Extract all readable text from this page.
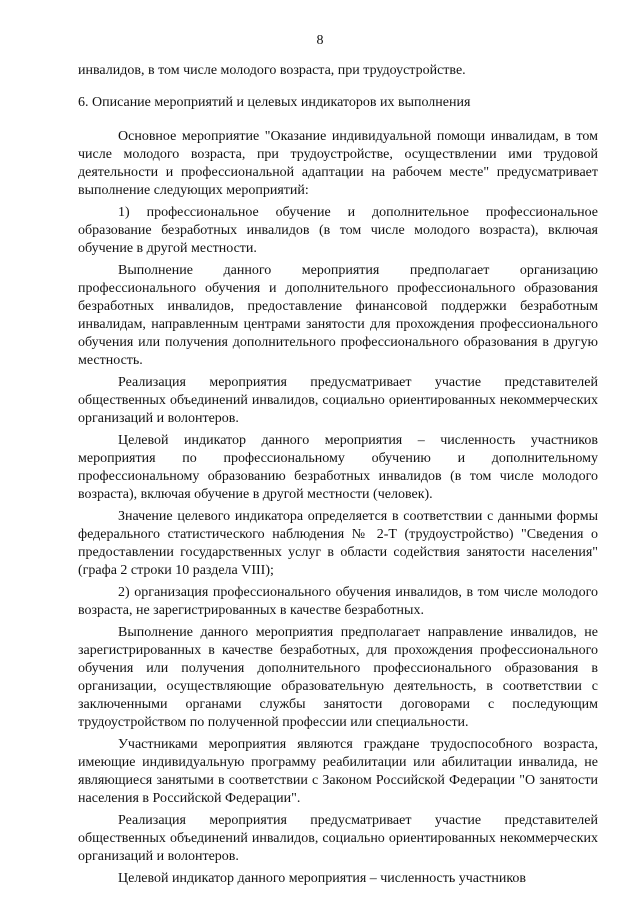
8

инвалидов, в том числе молодого возраста, при трудоустройстве.

6. Описание мероприятий и целевых индикаторов их выполнения

Основное мероприятие "Оказание индивидуальной помощи инвалидам, в том числе молодого возраста, при трудоустройстве, осуществлении ими трудовой деятельности и профессиональной адаптации на рабочем месте" предусматривает выполнение следующих мероприятий:

1) профессиональное обучение и дополнительное профессиональное образование безработных инвалидов (в том числе молодого возраста), включая обучение в другой местности.

Выполнение данного мероприятия предполагает организацию профессионального обучения и дополнительного профессионального образования безработных инвалидов, предоставление финансовой поддержки безработным инвалидам, направленным центрами занятости для прохождения профессионального обучения или получения дополнительного профессионального образования в другую местность.

Реализация мероприятия предусматривает участие представителей общественных объединений инвалидов, социально ориентированных некоммерческих организаций и волонтеров.

Целевой индикатор данного мероприятия – численность участников мероприятия по профессиональному обучению и дополнительному профессиональному образованию безработных инвалидов (в том числе молодого возраста), включая обучение в другой местности (человек).

Значение целевого индикатора определяется в соответствии с данными формы федерального статистического наблюдения № 2-Т (трудоустройство) "Сведения о предоставлении государственных услуг в области содействия занятости населения" (графа 2 строки 10 раздела VIII);

2) организация профессионального обучения инвалидов, в том числе молодого возраста, не зарегистрированных в качестве безработных.

Выполнение данного мероприятия предполагает направление инвалидов, не зарегистрированных в качестве безработных, для прохождения профессионального обучения или получения дополнительного профессионального образования в организации, осуществляющие образовательную деятельность, в соответствии с заключенными органами службы занятости договорами с последующим трудоустройством по полученной профессии или специальности.

Участниками мероприятия являются граждане трудоспособного возраста, имеющие индивидуальную программу реабилитации или абилитации инвалида, не являющиеся занятыми в соответствии с Законом Российской Федерации "О занятости населения в Российской Федерации".

Реализация мероприятия предусматривает участие представителей общественных объединений инвалидов, социально ориентированных некоммерческих организаций и волонтеров.

Целевой индикатор данного мероприятия – численность участников
